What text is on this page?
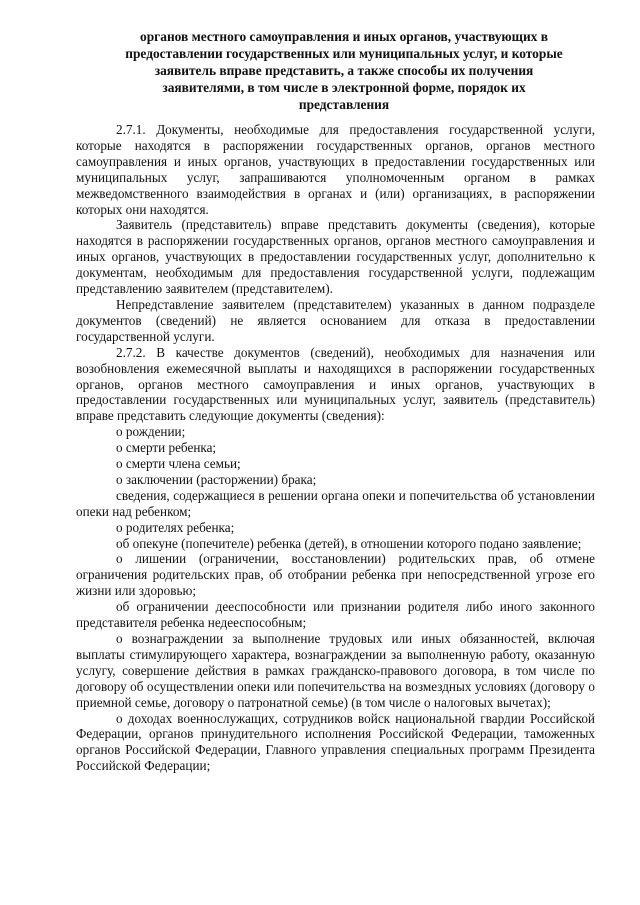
органов местного самоуправления и иных органов, участвующих в
предоставлении государственных или муниципальных услуг, и которые
заявитель вправе представить, а также способы их получения
заявителями, в том числе в электронной форме, порядок их
представления

2.7.1. Документы, необходимые для предоставления государственной услуги, которые находятся в распоряжении государственных органов, органов местного самоуправления и иных органов, участвующих в предоставлении государственных или муниципальных услуг, запрашиваются уполномоченным органом в рамках межведомственного взаимодействия в органах и (или) организациях, в распоряжении которых они находятся.

Заявитель (представитель) вправе представить документы (сведения), которые находятся в распоряжении государственных органов, органов местного самоуправления и иных органов, участвующих в предоставлении государственных услуг, дополнительно к документам, необходимым для предоставления государственной услуги, подлежащим представлению заявителем (представителем).

Непредставление заявителем (представителем) указанных в данном подразделе документов (сведений) не является основанием для отказа в предоставлении государственной услуги.

2.7.2. В качестве документов (сведений), необходимых для назначения или возобновления ежемесячной выплаты и находящихся в распоряжении государственных органов, органов местного самоуправления и иных органов, участвующих в предоставлении государственных или муниципальных услуг, заявитель (представитель) вправе представить следующие документы (сведения):

о рождении;

о смерти ребенка;

о смерти члена семьи;

о заключении (расторжении) брака;

сведения, содержащиеся в решении органа опеки и попечительства об установлении опеки над ребенком;

о родителях ребенка;

об опекуне (попечителе) ребенка (детей), в отношении которого подано заявление;

о лишении (ограничении, восстановлении) родительских прав, об отмене ограничения родительских прав, об отобрании ребенка при непосредственной угрозе его жизни или здоровью;

об ограничении дееспособности или признании родителя либо иного законного представителя ребенка недееспособным;

о вознаграждении за выполнение трудовых или иных обязанностей, включая выплаты стимулирующего характера, вознаграждении за выполненную работу, оказанную услугу, совершение действия в рамках гражданско-правового договора, в том числе по договору об осуществлении опеки или попечительства на возмездных условиях (договору о приемной семье, договору о патронатной семье) (в том числе о налоговых вычетах);

о доходах военнослужащих, сотрудников войск национальной гвардии Российской Федерации, органов принудительного исполнения Российской Федерации, таможенных органов Российской Федерации, Главного управления специальных программ Президента Российской Федерации;
